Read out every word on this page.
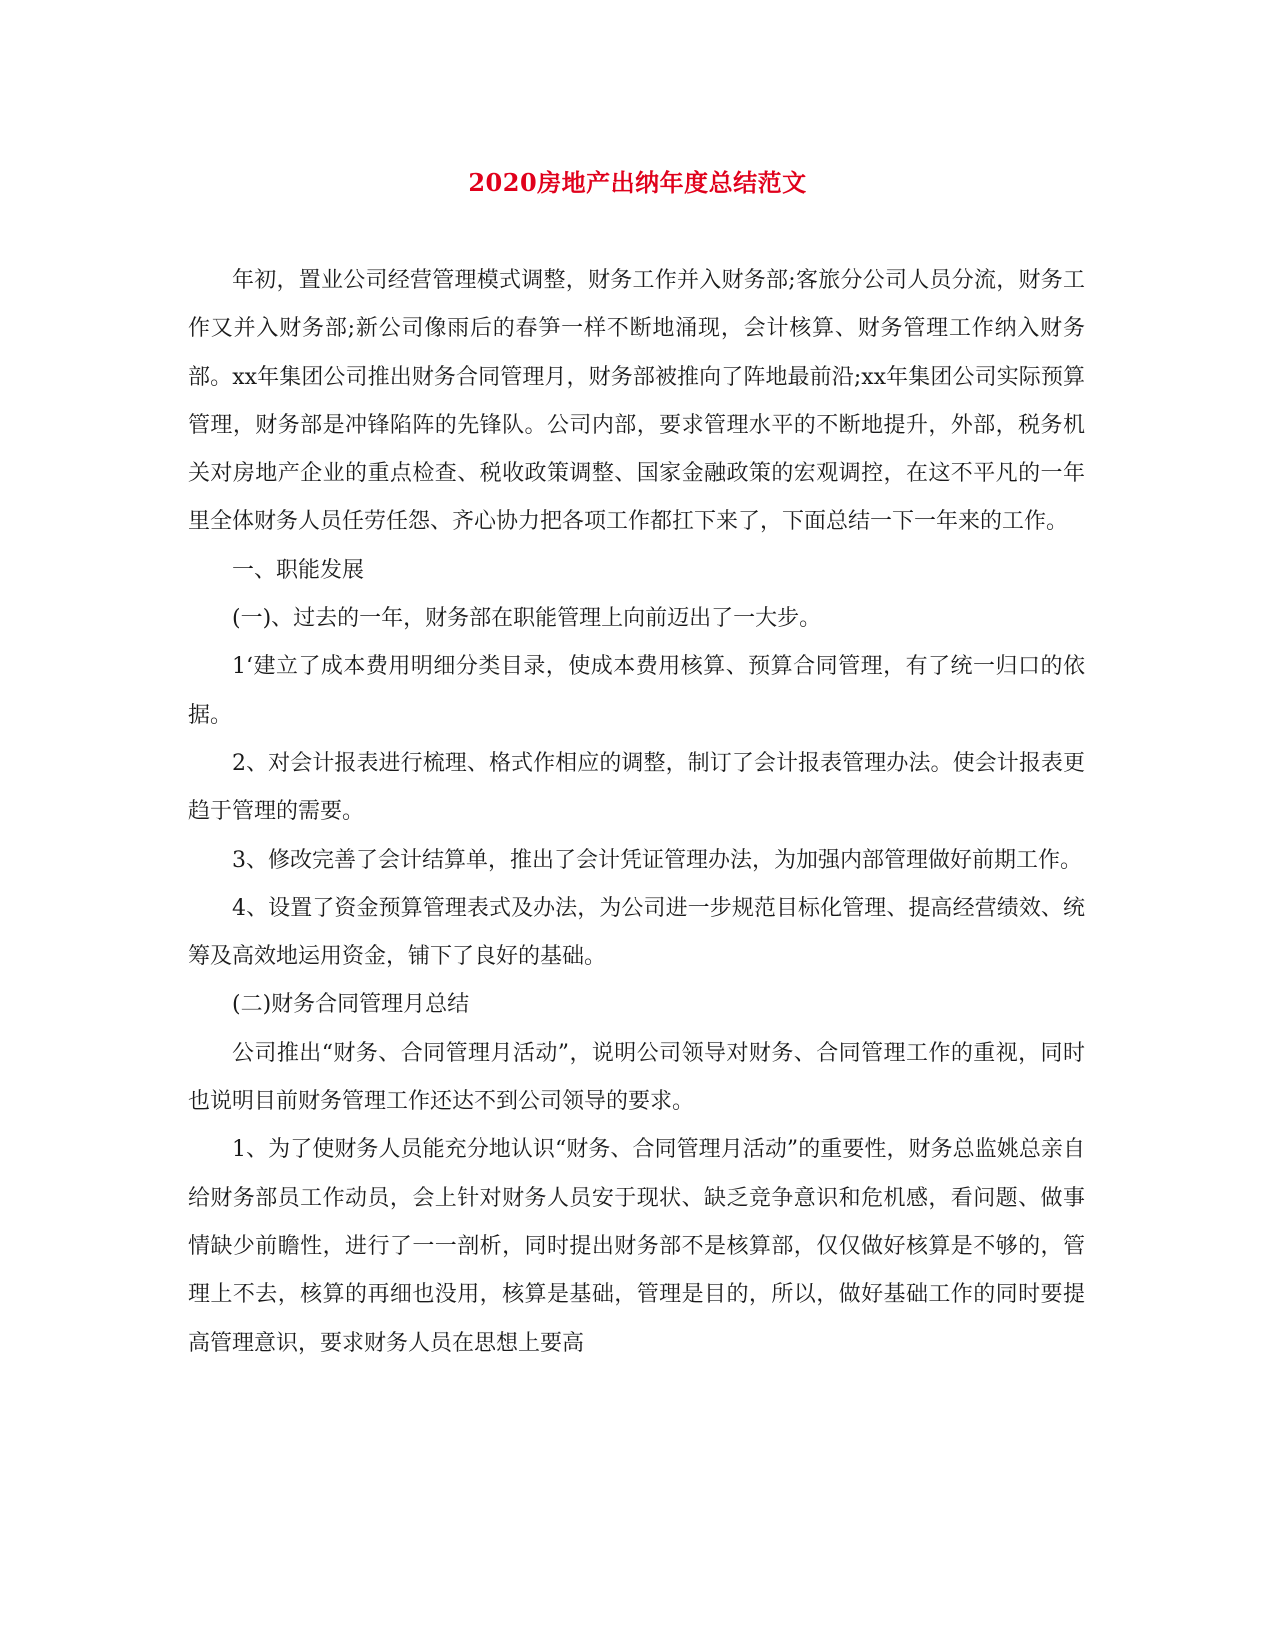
2020房地产出纳年度总结范文

年初，置业公司经营管理模式调整，财务工作并入财务部;客旅分公司人员分流，财务工作又并入财务部;新公司像雨后的春笋一样不断地涌现，会计核算、财务管理工作纳入财务部。xx年集团公司推出财务合同管理月，财务部被推向了阵地最前沿;xx年集团公司实际预算管理，财务部是冲锋陷阵的先锋队。公司内部，要求管理水平的不断地提升，外部，税务机关对房地产企业的重点检查、税收政策调整、国家金融政策的宏观调控，在这不平凡的一年里全体财务人员任劳任怨、齐心协力把各项工作都扛下来了，下面总结一下一年来的工作。

一、职能发展

(一)、过去的一年，财务部在职能管理上向前迈出了一大步。

1‘建立了成本费用明细分类目录，使成本费用核算、预算合同管理，有了统一归口的依据。

2、对会计报表进行梳理、格式作相应的调整，制订了会计报表管理办法。使会计报表更趋于管理的需要。

3、修改完善了会计结算单，推出了会计凭证管理办法，为加强内部管理做好前期工作。

4、设置了资金预算管理表式及办法，为公司进一步规范目标化管理、提高经营绩效、统筹及高效地运用资金，铺下了良好的基础。

(二)财务合同管理月总结

公司推出“财务、合同管理月活动”，说明公司领导对财务、合同管理工作的重视，同时也说明目前财务管理工作还达不到公司领导的要求。

1、为了使财务人员能充分地认识“财务、合同管理月活动”的重要性，财务总监姚总亲自给财务部员工作动员，会上针对财务人员安于现状、缺乏竞争意识和危机感，看问题、做事情缺少前瞻性，进行了一一剖析，同时提出财务部不是核算部，仅仅做好核算是不够的，管理上不去，核算的再细也没用，核算是基础，管理是目的，所以，做好基础工作的同时要提高管理意识，要求财务人员在思想上要高
